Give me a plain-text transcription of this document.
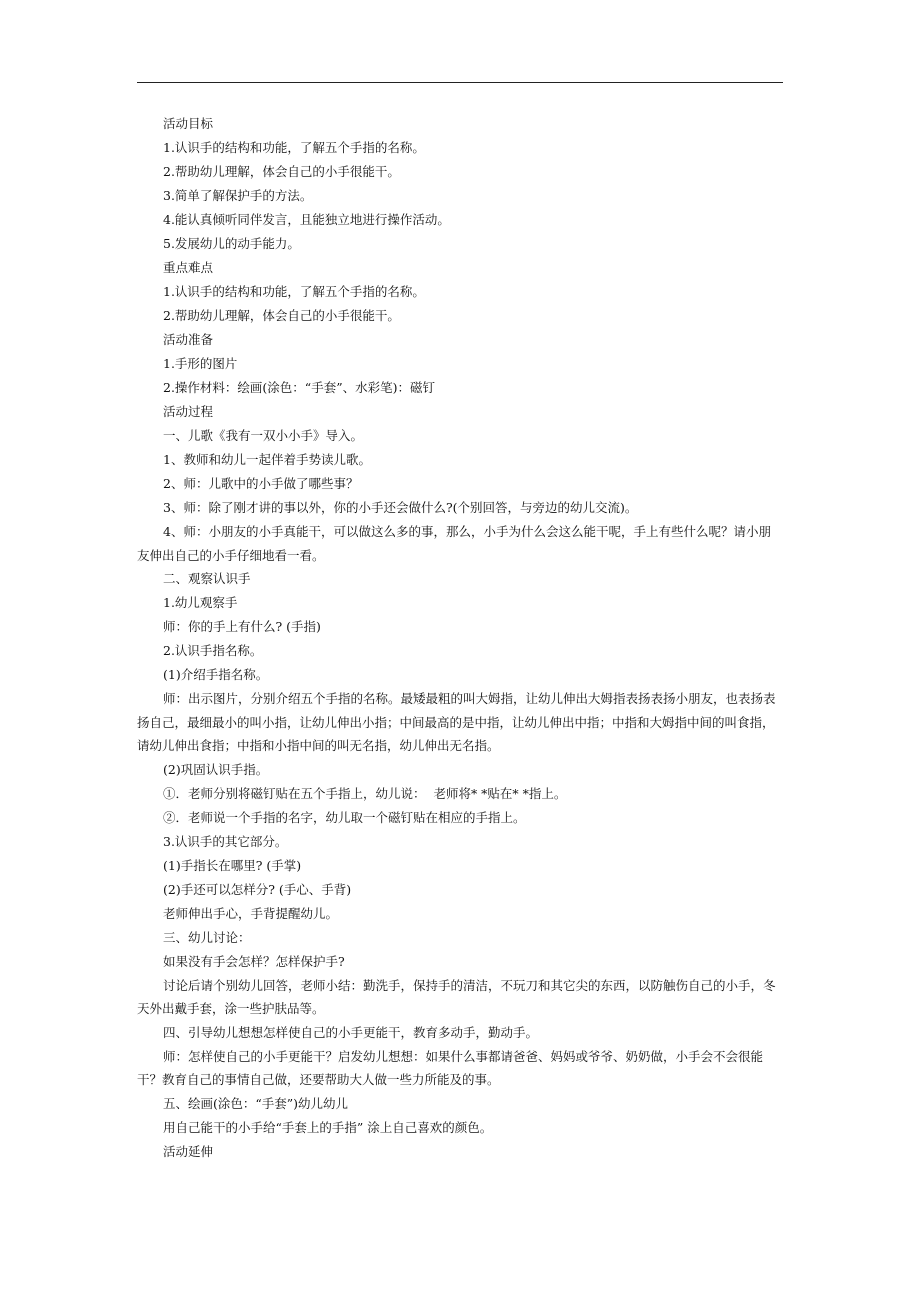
活动目标

1.认识手的结构和功能，了解五个手指的名称。

2.帮助幼儿理解，体会自己的小手很能干。

3.简单了解保护手的方法。

4.能认真倾听同伴发言，且能独立地进行操作活动。

5.发展幼儿的动手能力。

重点难点

1.认识手的结构和功能，了解五个手指的名称。

2.帮助幼儿理解，体会自己的小手很能干。

活动准备

1.手形的图片

2.操作材料：绘画(涂色：“手套”、水彩笔)：磁钉

活动过程

一、儿歌《我有一双小小手》导入。

1、教师和幼儿一起伴着手势读儿歌。

2、师：儿歌中的小手做了哪些事？

3、师：除了刚才讲的事以外，你的小手还会做什么?(个别回答，与旁边的幼儿交流)。

4、师：小朋友的小手真能干，可以做这么多的事，那么，小手为什么会这么能干呢，手上有些什么呢？请小朋友伸出自己的小手仔细地看一看。

二、观察认识手

1.幼儿观察手

师：你的手上有什么? (手指)

2.认识手指名称。

(1)介绍手指名称。

师：出示图片，分别介绍五个手指的名称。最矮最粗的叫大姆指，让幼儿伸出大姆指表扬表扬小朋友，也表扬表扬自己，最细最小的叫小指，让幼儿伸出小指；中间最高的是中指，让幼儿伸出中指；中指和大姆指中间的叫食指，请幼儿伸出食指；中指和小指中间的叫无名指，幼儿伸出无名指。

(2)巩固认识手指。

①．老师分别将磁钉贴在五个手指上，幼儿说：  老师将* *贴在* *指上。

②．老师说一个手指的名字，幼儿取一个磁钉贴在相应的手指上。

3.认识手的其它部分。

(1)手指长在哪里? (手掌)

(2)手还可以怎样分? (手心、手背)

老师伸出手心，手背提醒幼儿。

三、幼儿讨论：

如果没有手会怎样？怎样保护手?

讨论后请个别幼儿回答，老师小结：勤洗手，保持手的清洁，不玩刀和其它尖的东西，以防触伤自己的小手，冬天外出戴手套，涂一些护肤品等。

四、引导幼儿想想怎样使自己的小手更能干，教育多动手，勤动手。

师：怎样使自己的小手更能干？启发幼儿想想：如果什么事都请爸爸、妈妈或爷爷、奶奶做，小手会不会很能干？教育自己的事情自己做，还要帮助大人做一些力所能及的事。

五、绘画(涂色：“手套”)幼儿幼儿

用自己能干的小手给“手套上的手指” 涂上自己喜欢的颜色。

活动延伸
